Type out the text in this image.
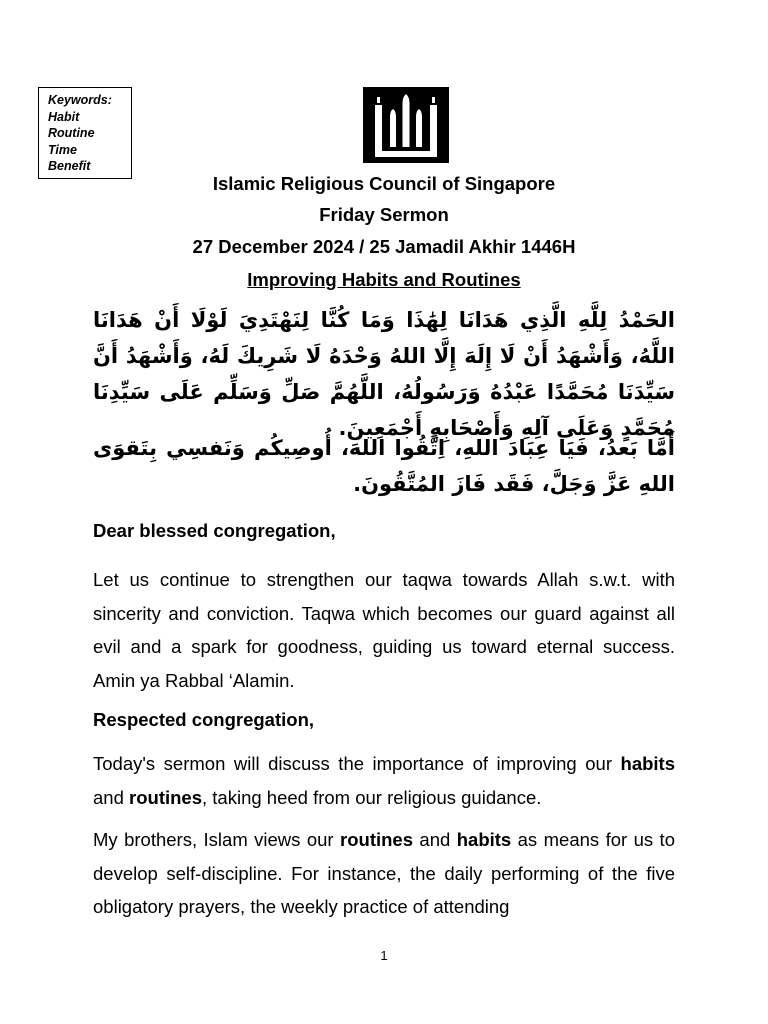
Keywords:
Habit
Routine
Time
Benefit
Islamic Religious Council of Singapore
Friday Sermon
27 December 2024 / 25 Jamadil Akhir 1446H
Improving Habits and Routines
الحَمْدُ لِلَّهِ الَّذِي هَدَانَا لِهَٰذَا وَمَا كُنَّا لِنَهْتَدِيَ لَوْلَا أَنْ هَدَانَا اللَّهُ، وَأَشْهَدُ أَنْ لَا إِلَهَ إِلَّا اللهُ وَحْدَهُ لَا شَرِيكَ لَهُ، وَأَشْهَدُ أَنَّ سَيِّدَنَا مُحَمَّدًا عَبْدُهُ وَرَسُولُهُ، اللَّهُمَّ صَلِّ وَسَلِّم عَلَى سَيِّدِنَا مُحَمَّدٍ وَعَلَى آلِهِ وَأَصْحَابِهِ أَجْمَعِينَ.
أَمَّا بَعدُ، فَيَا عِبَادَ اللهِ، اِتَّقُوا اللهَ، أُوصِيكُم وَنَفسِي بِتَقوَى اللهِ عَزَّ وَجَلَّ، فَقَد فَازَ المُتَّقُونَ.
Dear blessed congregation,
Let us continue to strengthen our taqwa towards Allah s.w.t. with sincerity and conviction. Taqwa which becomes our guard against all evil and a spark for goodness, guiding us toward eternal success. Amin ya Rabbal ‘Alamin.
Respected congregation,
Today's sermon will discuss the importance of improving our habits and routines, taking heed from our religious guidance.
My brothers, Islam views our routines and habits as means for us to develop self-discipline. For instance, the daily performing of the five obligatory prayers, the weekly practice of attending
1
